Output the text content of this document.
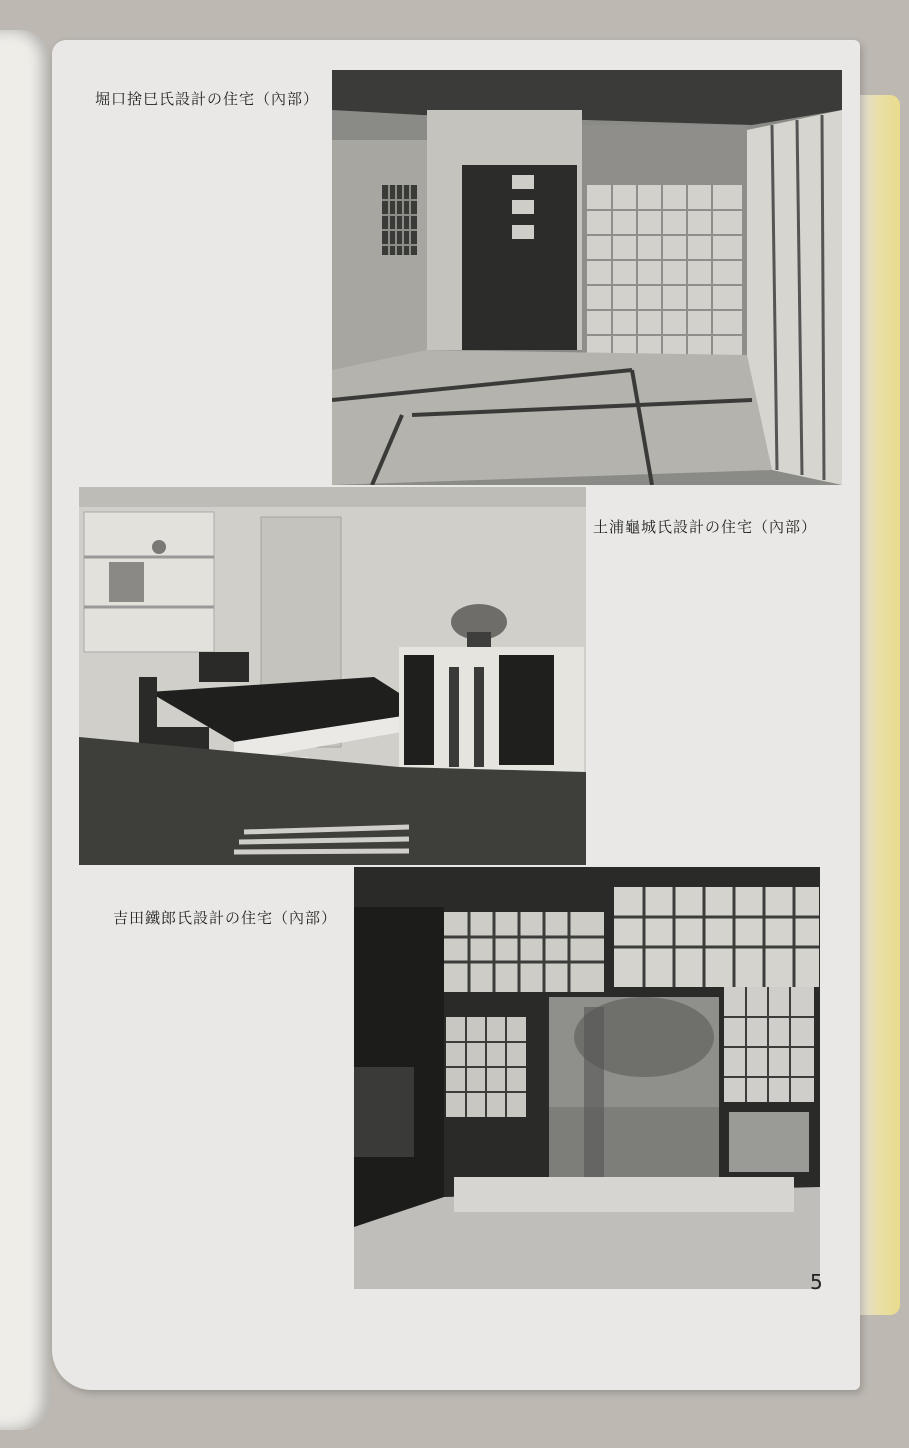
堀口捨巳氏設計の住宅（內部）
土浦龜城氏設計の住宅（內部）
吉田鐵郎氏設計の住宅（內部）
5
